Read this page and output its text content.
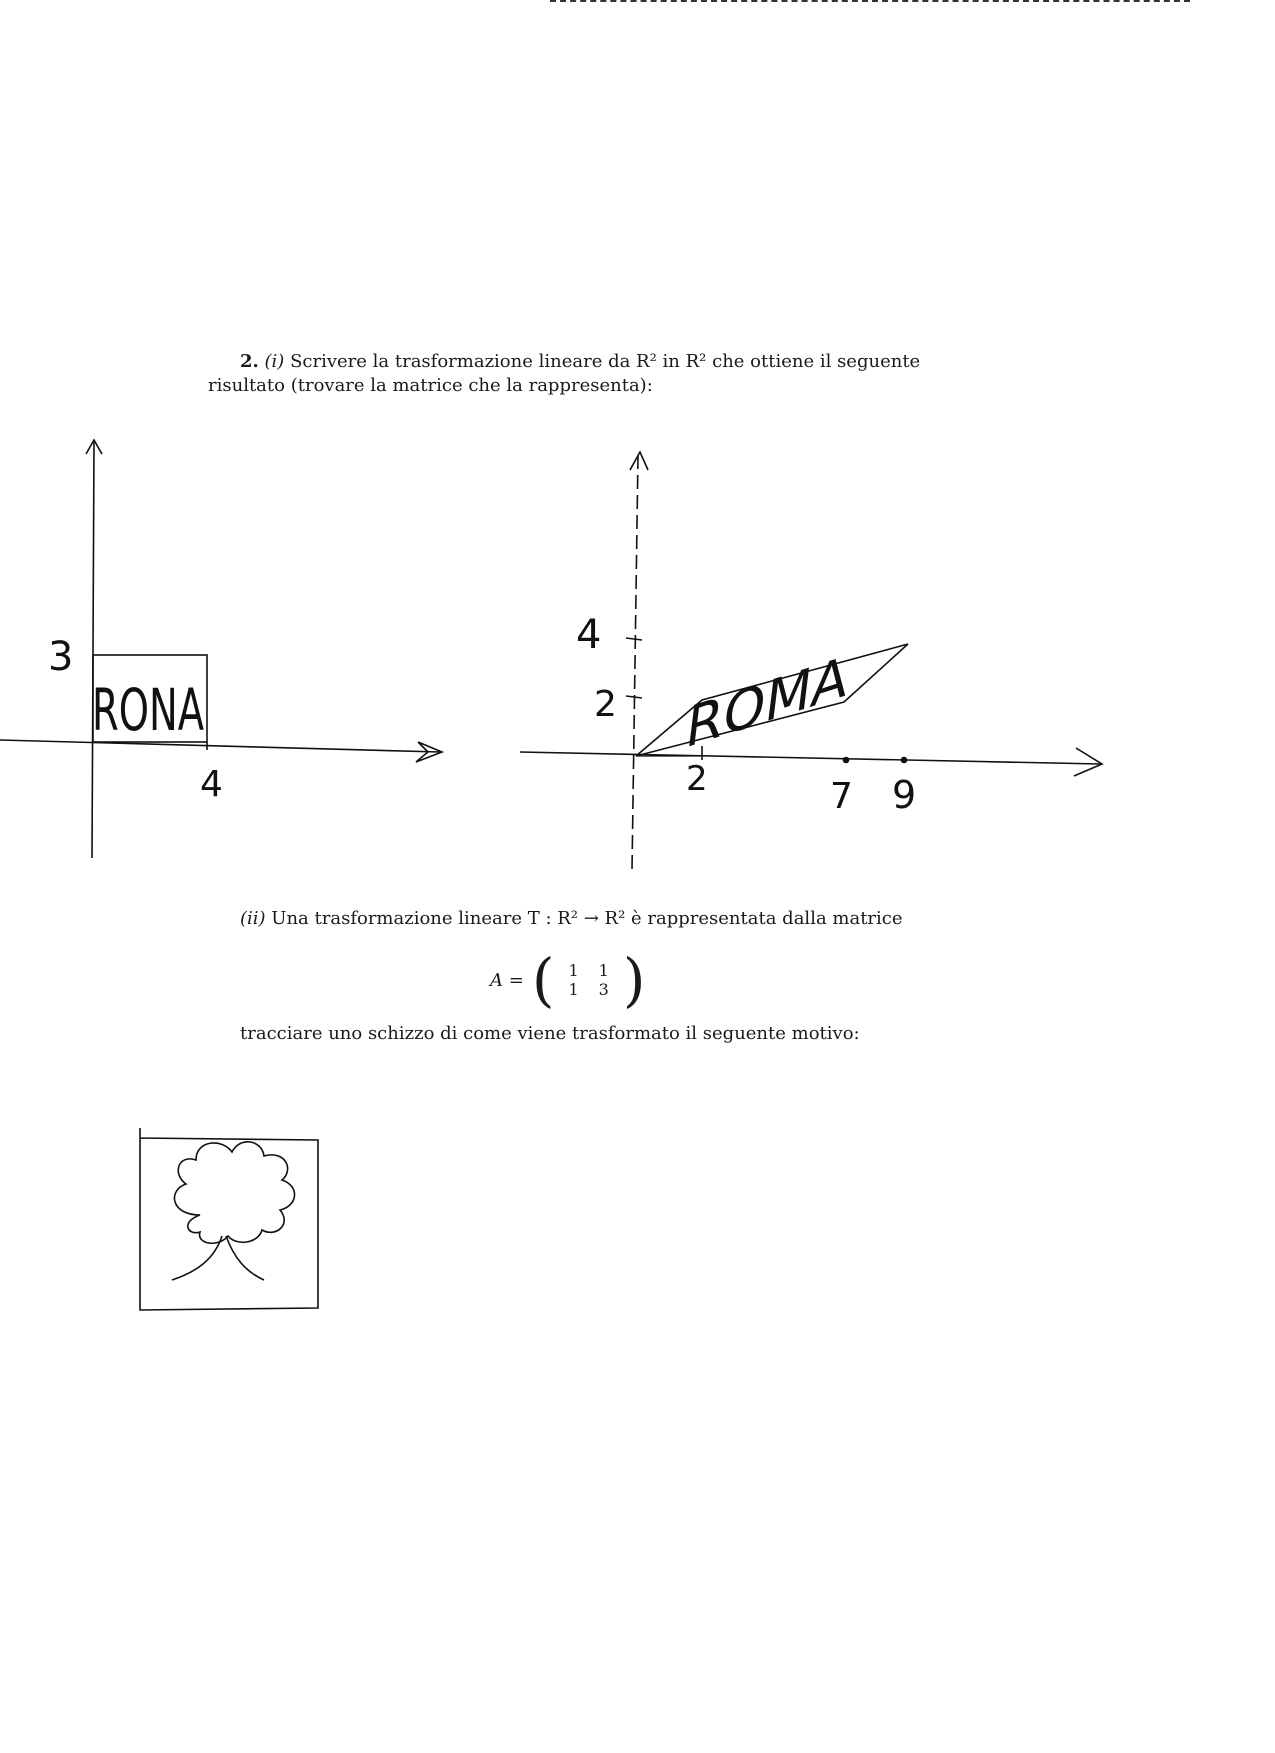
2. (i) Scrivere la trasformazione lineare da R² in R² che ottiene il seguente
risultato (trovare la matrice che la rappresenta):
RONA
3
4
ROMA
4
2
2	7 9
(ii) Una trasformazione lineare T : R² → R² è rappresentata dalla matrice
A = ( 1	1
1	3 )
tracciare uno schizzo di come viene trasformato il seguente motivo:
